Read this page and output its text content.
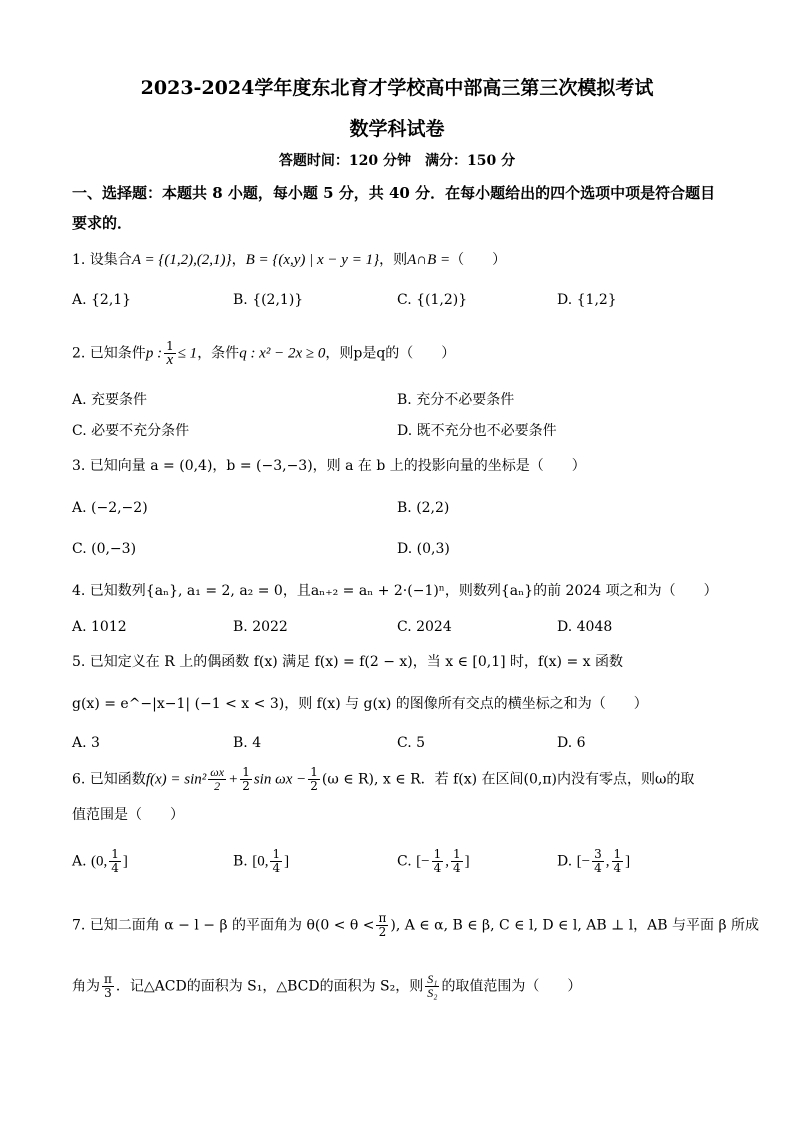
2023-2024学年度东北育才学校高中部高三第三次模拟考试
数学科试卷
答题时间：120 分钟　满分：150 分
一、选择题：本题共 8 小题，每小题 5 分，共 40 分．在每小题给出的四个选项中项是符合题目要求的．
1. 设集合A = {(1,2),(2,1)}，B = {(x,y) | x − y = 1}，则A∩B =（　　）
A. {2,1}	B. {(2,1)}	C. {(1,2)}	D. {1,2}
2. 已知条件p : $\frac{1}{x} \le 1$，条件q : x² − 2x ≥ 0，则p是q的（　　）
A. 充要条件	B. 充分不必要条件
C. 必要不充分条件	D. 既不充分也不必要条件
3. 已知向量 a = (0,4)，b = (−3,−3)，则 a 在 b 上的投影向量的坐标是（　　）
A. (−2,−2)	B. (2,2)
C. (0,−3)	D. (0,3)
4. 已知数列{aₙ}, a₁ = 2, a₂ = 0，且aₙ₊₂ = aₙ + 2·(−1)ⁿ，则数列{aₙ}的前 2024 项之和为（　　）
A. 1012	B. 2022	C. 2024	D. 4048
5. 已知定义在 R 上的偶函数 f(x) 满足 f(x) = f(2 − x)，当 x ∈ [0,1] 时，f(x) = x 函数
g(x) = e^−|x−1| (−1 < x < 3)，则 f(x) 与 g(x) 的图像所有交点的横坐标之和为（　　）
A. 3	B. 4	C. 5	D. 6
6. 已知函数$f(x) = \sin^2 \frac{\omega x}{2} + \frac{1}{2}$ $\sin \omega x - \frac{1}{2} (\omega$ ∈ R), x ∈ R．若 f(x) 在区间(0,π)内没有零点，则ω的取
值范围是（　　）
A. (0, $\frac{1}{4}$ ]	B. [0, $\frac{1}{4}$ ]	C. [− $\frac{1}{4}$ , $\frac{1}{4}$ ]	D. [− $\frac{3}{4}$ , $\frac{1}{4}$ ]
7. 已知二面角 α − l − β 的平面角为 $\theta(0 < \theta < \frac{\pi}{2}$ ), A ∈ α, B ∈ β, C ∈ l, D ∈ l, AB ⊥ l，AB 与平面 β 所成
角为 $\frac{\pi}{3}$ ．记△ACD的面积为 S₁，△BCD的面积为 S₂，则 $\frac{\text{S₁}}{\text{S₂}}$ 的取值范围为（　　）
